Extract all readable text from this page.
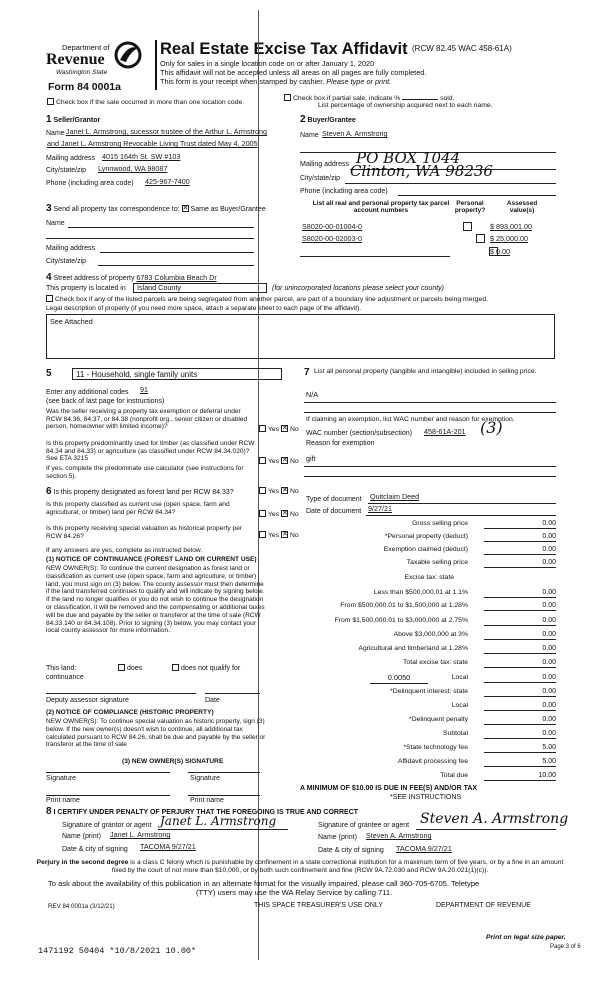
Department of
Revenue
Washington State
Form 84 0001a
Real Estate Excise Tax Affidavit (RCW 82.45 WAC 458-61A)
Only for sales in a single location code on or after January 1, 2020
This affidavit will not be accepted unless all areas on all pages are fully completed.
This form is your receipt when stamped by cashier. Please type or print.
Check box if the sale occurred in more than one location code.
Check box if partial sale, indicate %	sold.
List percentage of ownership acquired next to each name.
1 Seller/Grantor
Name Janet L. Armstrong, sucessor trustee of the Arthur L. Armstrong
and Janet L. Armstrong Revocable Living Trust dated May 4, 2005
Mailing address 4015 164th St. SW #103
City/state/zip Lynnwood, WA 98087
Phone (including area code) 425-967-7400
2 Buyer/Grantee
Name Steven A. Armstrong
Mailing address PO BOX 1044
City/state/zip Clinton, WA 98236
Phone (including area code)
3 Send all property tax correspondence to: ✕ Same as Buyer/Grantee
Name
Mailing address
City/state/zip
List all real and personal property tax parcel account numbers
Personal property?
Assessed value(s)
S8020-00-01004-0
	$ 893,001.00
S8020-00-02003-0
	$ 25,000.00
$ 0.00
4 Street address of property 6783 Columbia Beach Dr
This property is located in	Island County	(for unincorporated locations please select your county)
Check box if any of the listed parcels are being segregated from another parcel, are part of a boundary line adjustment or parcels being merged.
Legal description of property (if you need more space, attach a separate sheet to each page of the affidavit).
See Attached
5	11 - Household, single family units
Enter any additional codes 91
(see back of last page for instructions)
Was the seller receiving a property tax exemption or deferral under RCW 84.36, 84.37, or 84.38 (nonprofit org., senior citizen or disabled person, homeowner with limited income)?	Yes ✕ No
Is this property predominantly used for timber (as classified under RCW 84.34 and 84.33) or agriculture (as classified under RCW 84.34.020)? See ETA 3215
If yes, complete the predominate use calculator (see instructions for section 5).
Yes ✕ No
6 Is this property designated as forest land per RCW 84.33?	Yes ✕ No
Is this property classified as current use (open space, farm and agricultural, or timber) land per RCW 84.34?	Yes ✕ No
Is this property receiving special valuation as historical property per RCW 84.26?	Yes ✕ No
If any answers are yes, complete as instructed below.
(1) NOTICE OF CONTINUANCE (FOREST LAND OR CURRENT USE)
NEW OWNER(S): To continue the current designation as forest land or classification as current use (open space, farm and agriculture, or timber) land, you must sign on (3) below. The county assessor must then determine if the land transferred continues to qualify and will indicate by signing below. If the land no longer qualifies or you do not wish to continue the designation or classification, it will be removed and the compensating or additional taxes will be due and payable by the seller or transferor at the time of sale (RCW 84.33.140 or 84.34.108). Prior to signing (3) below, you may contact your local county assessor for more information.
This land:
continuance
does	does not qualify for
Deputy assessor signature	Date
(2) NOTICE OF COMPLIANCE (HISTORIC PROPERTY)
NEW OWNER(S): To continue special valuation as historic property, sign (3) below. If the new owner(s) doesn't wish to continue, all additional tax calculated pursuant to RCW 84.26, shall be due and payable by the seller or transferor at the time of sale
(3) NEW OWNER(S) SIGNATURE
Signature	Signature
Print name	Print name
7 List all personal property (tangible and intangible) included in selling price.
N/A
If claiming an exemption, list WAC number and reason for exemption.
WAC number (section/subsection) 458-61A-201 (3)
Reason for exemption
gift
Type of document Quitclaim Deed
Date of document 9/27/21
Gross selling price	0.00
*Personal property (deduct)	0.00
Exemption claimed (deduct)	0.00
Taxable selling price	0.00
Excise tax: state
Less than $500,000.01 at 1.1%	0.00
From $500,000.01 to $1,500,000 at 1.28%	0.00
From $1,500,000.01 to $3,000,000 at 2.75%	0.00
Above $3,000,000 at 3%	0.00
Agricultural and timberland at 1.28%	0.00
Total excise tax: state	0.00
0.0050	Local	0.00
*Delinquent interest: state	0.00
Local	0.00
*Delinquent penalty	0.00
Subtotal	0.00
*State technology fee	5.00
Affidavit processing fee	5.00
Total due	10.00
A MINIMUM OF $10.00 IS DUE IN FEE(S) AND/OR TAX
*SEE INSTRUCTIONS
8 I CERTIFY UNDER PENALTY OF PERJURY THAT THE FOREGOING IS TRUE AND CORRECT
Signature of grantor or agent Janet L. Armstrong
Name (print) Janet L. Armstrong
Date & city of signing TACOMA 9/27/21
Signature of grantee or agent Steven A. Armstrong
Name (print) Steven A. Armstrong
Date & city of signing TACOMA 9/27/21
Perjury in the second degree is a class C felony which is punishable by confinement in a state correctional institution for a maximum term of five years, or by a fine in an amount fixed by the court of not more than $10,000, or by both such confinement and fine (RCW 9A.72.030 and RCW 9A.20.021(1)(c)).
To ask about the availability of this publication in an alternate format for the visually impaired, please call 360-705-6705. Teletype
(TTY) users may use the WA Relay Service by calling 711.
REV 84 0001a (3/12/21)	THIS SPACE TREASURER'S USE ONLY	DEPARTMENT OF REVENUE
1471192 50404 *10/8/2021 10.00*
Print on legal size paper.
Page 3 of 6
